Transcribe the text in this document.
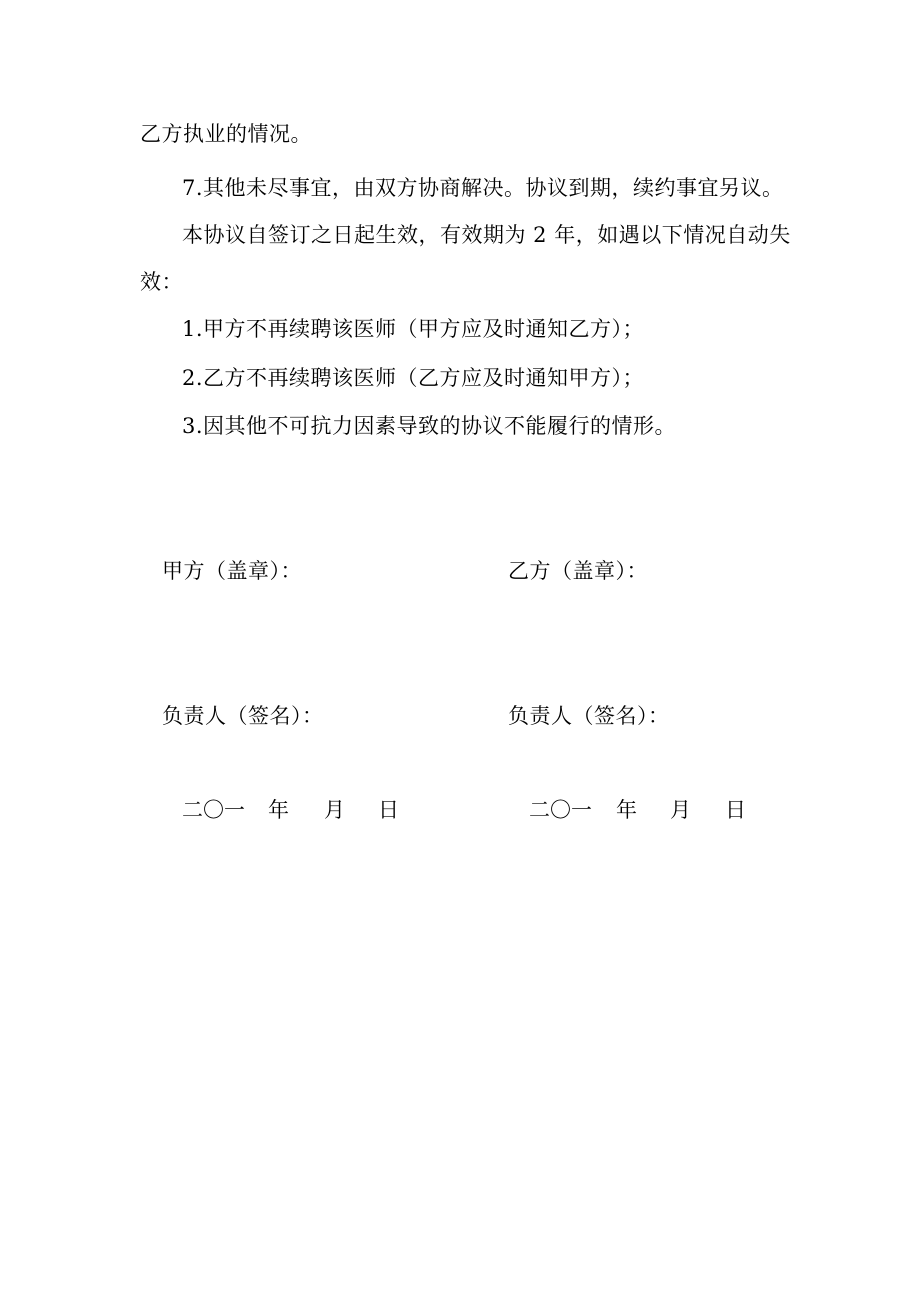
乙方执业的情况。
7.其他未尽事宜，由双方协商解决。协议到期，续约事宜另议。
本协议自签订之日起生效，有效期为 2 年，如遇以下情况自动失
效：
1.甲方不再续聘该医师（甲方应及时通知乙方）；
2.乙方不再续聘该医师（乙方应及时通知甲方）；
3.因其他不可抗力因素导致的协议不能履行的情形。
甲方（盖章）：
负责人（签名）：
二〇一 年 月 日
乙方（盖章）：
负责人（签名）：
二〇一 年 月 日
